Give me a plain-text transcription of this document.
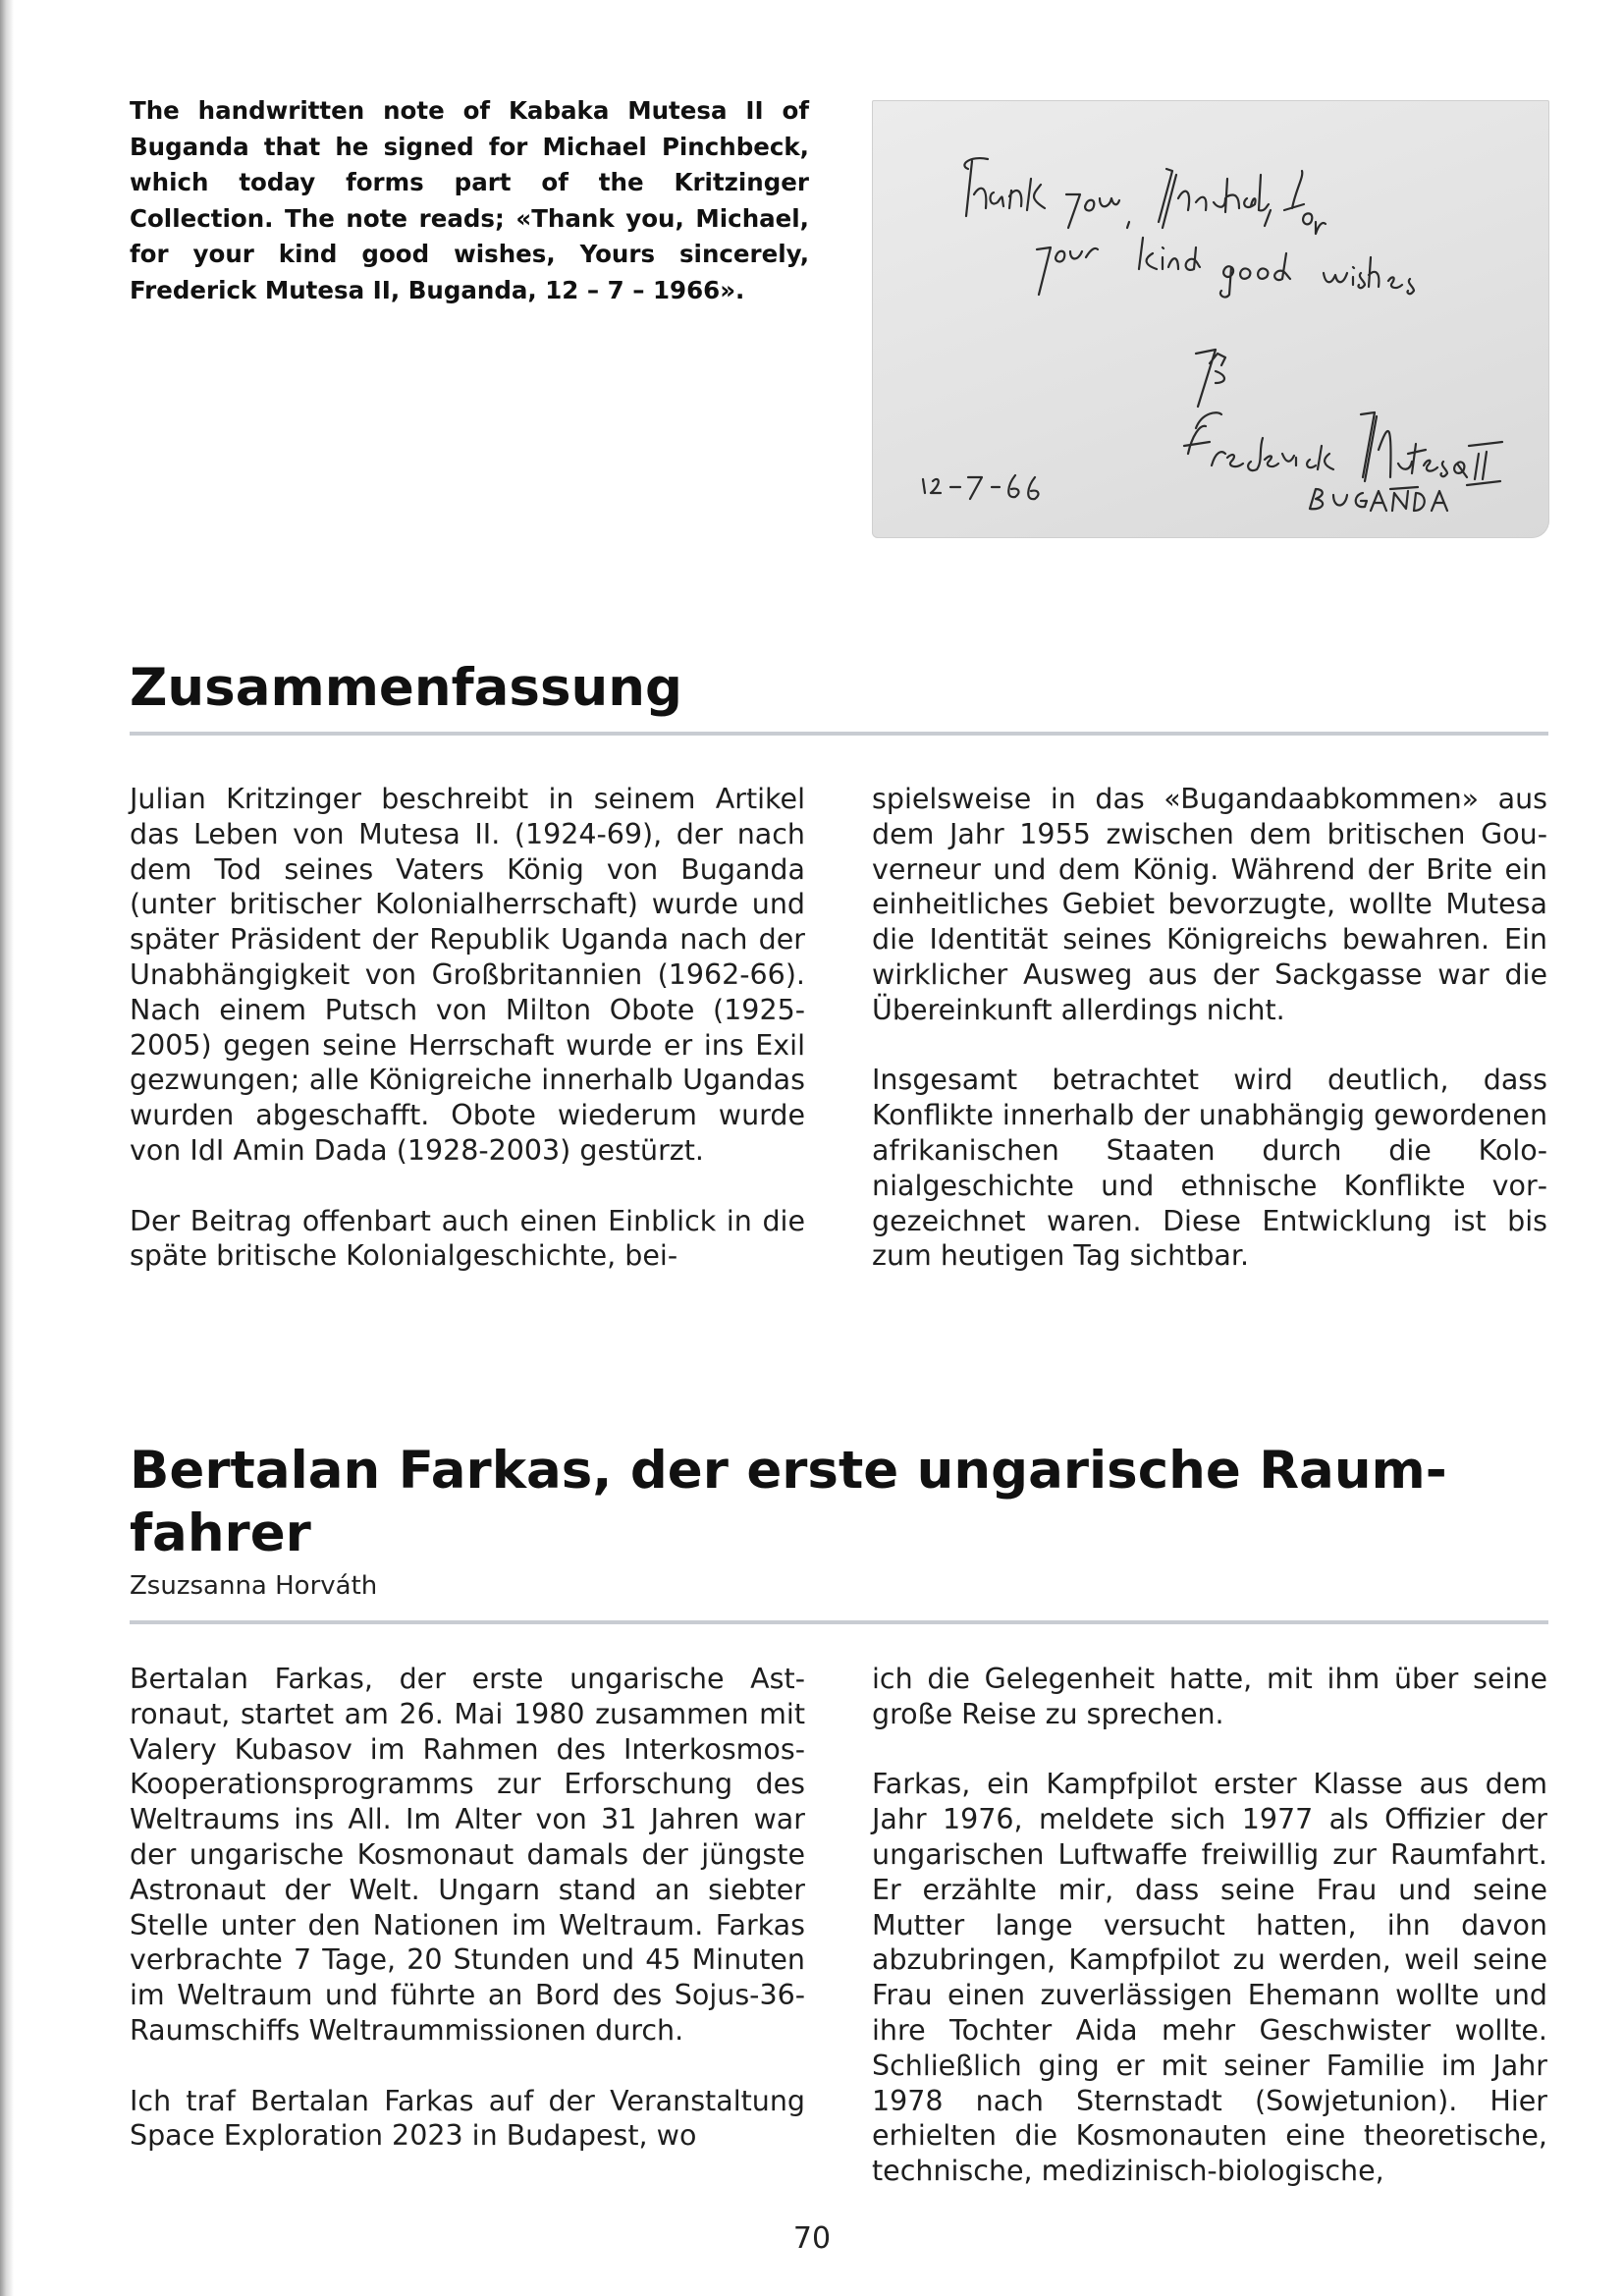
The handwritten note of Kabaka Mutesa II of Buganda that he signed for Michael Pinchbeck, which today forms part of the Kritzinger Collection. The note reads; «Thank you, Michael, for your kind good wishes, Yours sincerely, Frederick Mutesa II, Buganda, 12 – 7 – 1966».
Zusammenfassung

Julian Kritzinger beschreibt in seinem Artikel das Leben von Mutesa II. (1924-69), der nach dem Tod seines Vaters König von Buganda (unter britischer Kolonialherrschaft) wurde und später Präsident der Republik Uganda nach der Unabhängigkeit von Großbritannien (1962-66). Nach einem Putsch von Milton Obote (1925-2005) gegen seine Herrschaft wurde er ins Exil gezwungen; alle Königreiche innerhalb Ugandas wurden abgeschafft. Obote wiederum wurde von IdI Amin Dada (1928-2003) gestürzt.

Der Beitrag offenbart auch einen Einblick in die späte britische Kolonialgeschichte, bei-

spielsweise in das «Bugandaabkommen» aus dem Jahr 1955 zwischen dem britischen Gouverneur und dem König. Während der Brite ein einheitliches Gebiet bevorzugte, wollte Mutesa die Identität seines Königreichs bewahren. Ein wirklicher Ausweg aus der Sackgasse war die Übereinkunft allerdings nicht.

Insgesamt betrachtet wird deutlich, dass Konflikte innerhalb der unabhängig gewordenen afrikanischen Staaten durch die Kolonialgeschichte und ethnische Konflikte vorgezeichnet waren. Diese Entwicklung ist bis zum heutigen Tag sichtbar.

Bertalan Farkas, der erste ungarische Raumfahrer
Zsuzsanna Horváth

Bertalan Farkas, der erste ungarische Astronaut, startet am 26. Mai 1980 zusammen mit Valery Kubasov im Rahmen des Interkosmos-Kooperationsprogramms zur Erforschung des Weltraums ins All. Im Alter von 31 Jahren war der ungarische Kosmonaut damals der jüngste Astronaut der Welt. Ungarn stand an siebter Stelle unter den Nationen im Weltraum. Farkas verbrachte 7 Tage, 20 Stunden und 45 Minuten im Weltraum und führte an Bord des Sojus-36-Raumschiffs Weltraummissionen durch.

Ich traf Bertalan Farkas auf der Veranstaltung Space Exploration 2023 in Budapest, wo

ich die Gelegenheit hatte, mit ihm über seine große Reise zu sprechen.

Farkas, ein Kampfpilot erster Klasse aus dem Jahr 1976, meldete sich 1977 als Offizier der ungarischen Luftwaffe freiwillig zur Raumfahrt. Er erzählte mir, dass seine Frau und seine Mutter lange versucht hatten, ihn davon abzubringen, Kampfpilot zu werden, weil seine Frau einen zuverlässigen Ehemann wollte und ihre Tochter Aida mehr Geschwister wollte. Schließlich ging er mit seiner Familie im Jahr 1978 nach Sternstadt (Sowjetunion). Hier erhielten die Kosmonauten eine theoretische, technische, medizinisch-biologische,

70
